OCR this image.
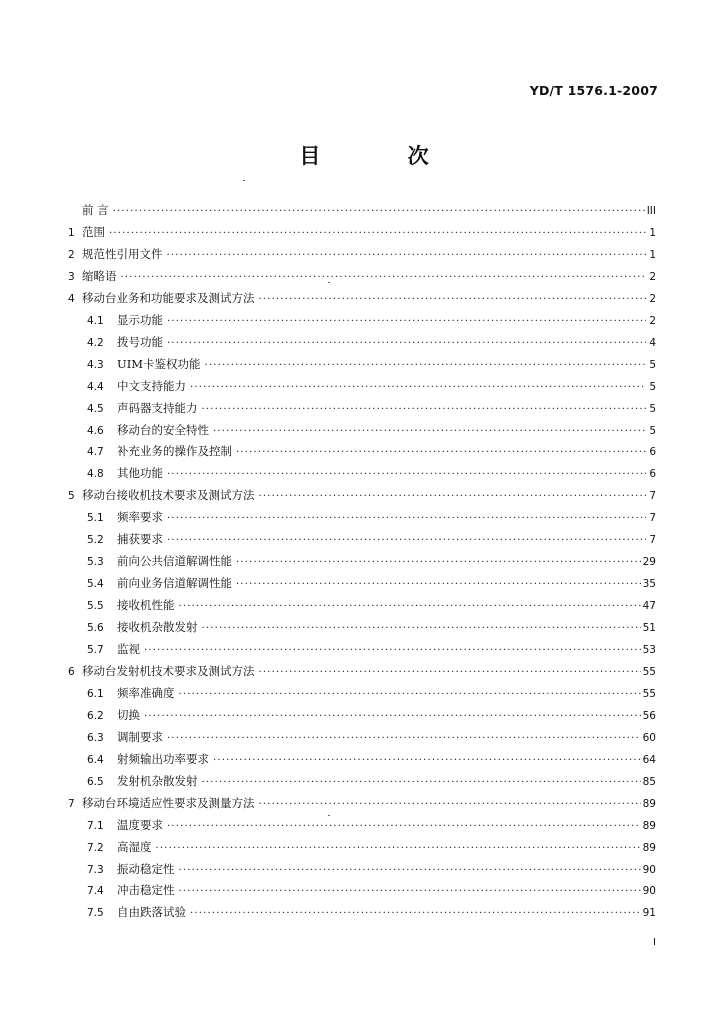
YD/T 1576.1-2007
目 次
前 言 ·····	III
1 范围 ·····	1
2 规范性引用文件 ·····	1
3 缩略语 ·····	2
4 移动台业务和功能要求及测试方法 ·····	2
4.1	显示功能 ·····	2
4.2	拨号功能 ·····	4
4.3	UIM卡鉴权功能 ·····	5
4.4	中文支持能力 ·····	5
4.5	声码器支持能力 ·····	5
4.6	移动台的安全特性 ·····	5
4.7	补充业务的操作及控制 ·····	6
4.8	其他功能 ·····	6
5 移动台接收机技术要求及测试方法 ·····	7
5.1	频率要求 ·····	7
5.2	捕获要求 ·····	7
5.3	前向公共信道解调性能 ·····	29
5.4	前向业务信道解调性能 ·····	35
5.5	接收机性能 ·····	47
5.6	接收机杂散发射 ·····	51
5.7	监视 ·····	53
6 移动台发射机技术要求及测试方法 ·····	55
6.1	频率准确度 ·····	55
6.2	切换 ·····	56
6.3	调制要求 ·····	60
6.4	射频输出功率要求 ·····	64
6.5	发射机杂散发射 ·····	85
7 移动台环境适应性要求及测量方法 ·····	89
7.1	温度要求 ·····	89
7.2	高湿度 ·····	89
7.3	振动稳定性 ·····	90
7.4	冲击稳定性 ·····	90
7.5	自由跌落试验 ·····	91
I
